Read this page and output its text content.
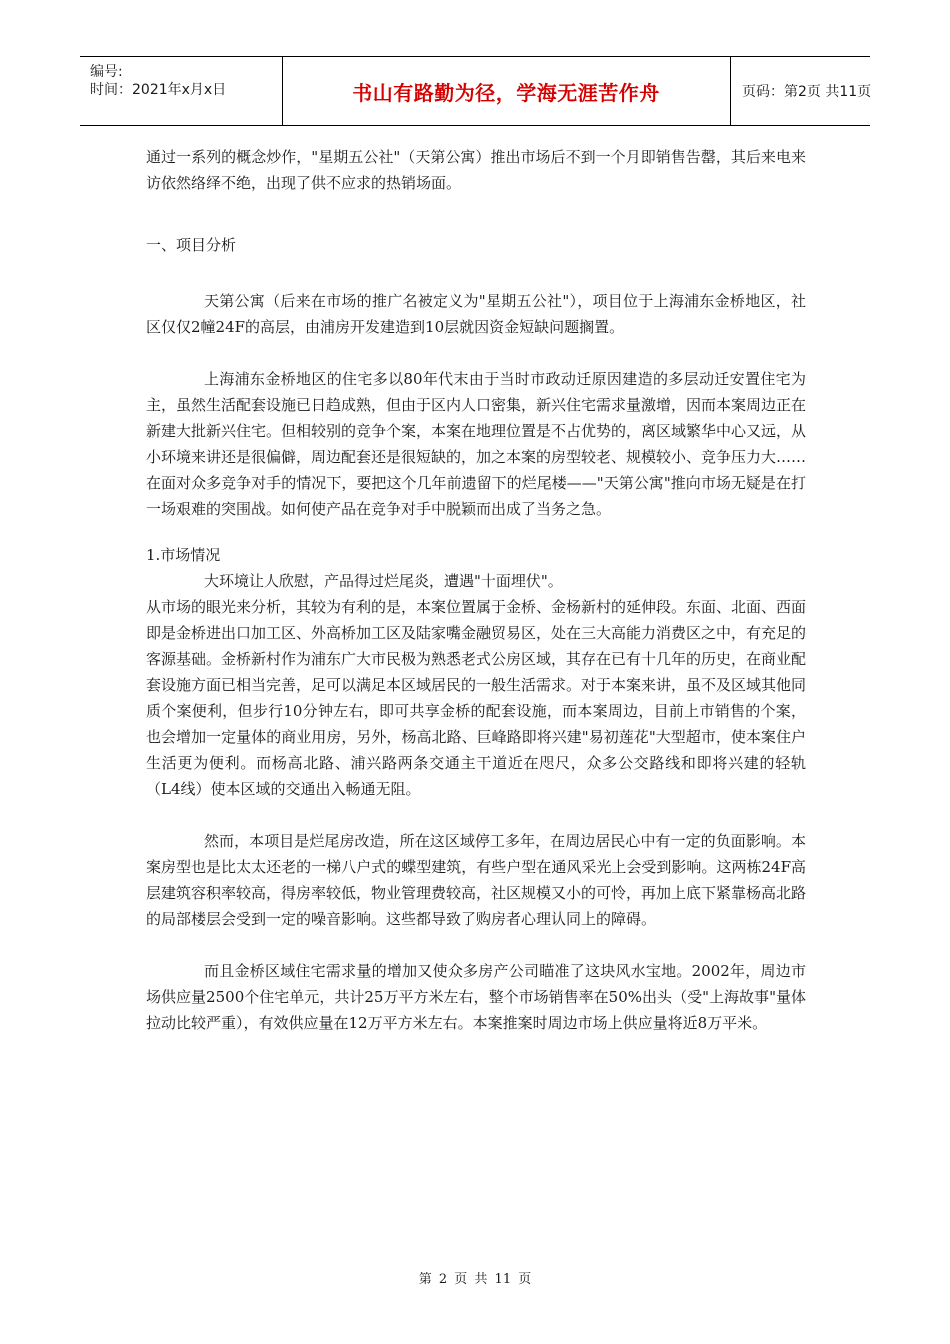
编号:
时间：2021年x月x日	书山有路勤为径，学海无涯苦作舟	页码：第2页 共11页

通过一系列的概念炒作，"星期五公社"（天第公寓）推出市场后不到一个月即销售告罄，其后来电来访依然络绎不绝，出现了供不应求的热销场面。

一、项目分析

天第公寓（后来在市场的推广名被定义为"星期五公社"），项目位于上海浦东金桥地区，社区仅仅2幢24F的高层，由浦房开发建造到10层就因资金短缺问题搁置。

上海浦东金桥地区的住宅多以80年代末由于当时市政动迁原因建造的多层动迁安置住宅为主，虽然生活配套设施已日趋成熟，但由于区内人口密集，新兴住宅需求量激增，因而本案周边正在新建大批新兴住宅。但相较别的竞争个案，本案在地理位置是不占优势的，离区域繁华中心又远，从小环境来讲还是很偏僻，周边配套还是很短缺的，加之本案的房型较老、规模较小、竞争压力大……在面对众多竞争对手的情况下，要把这个几年前遗留下的烂尾楼——"天第公寓"推向市场无疑是在打一场艰难的突围战。如何使产品在竞争对手中脱颖而出成了当务之急。

1.市场情况

大环境让人欣慰，产品得过烂尾炎，遭遇"十面埋伏"。

从市场的眼光来分析，其较为有利的是，本案位置属于金桥、金杨新村的延伸段。东面、北面、西面即是金桥进出口加工区、外高桥加工区及陆家嘴金融贸易区，处在三大高能力消费区之中，有充足的客源基础。金桥新村作为浦东广大市民极为熟悉老式公房区域，其存在已有十几年的历史，在商业配套设施方面已相当完善，足可以满足本区域居民的一般生活需求。对于本案来讲，虽不及区域其他同质个案便利，但步行10分钟左右，即可共享金桥的配套设施，而本案周边，目前上市销售的个案，也会增加一定量体的商业用房，另外，杨高北路、巨峰路即将兴建"易初莲花"大型超市，使本案住户生活更为便利。而杨高北路、浦兴路两条交通主干道近在咫尺，众多公交路线和即将兴建的轻轨（L4线）使本区域的交通出入畅通无阻。

然而，本项目是烂尾房改造，所在这区域停工多年，在周边居民心中有一定的负面影响。本案房型也是比太太还老的一梯八户式的蝶型建筑，有些户型在通风采光上会受到影响。这两栋24F高层建筑容积率较高，得房率较低，物业管理费较高，社区规模又小的可怜，再加上底下紧靠杨高北路的局部楼层会受到一定的噪音影响。这些都导致了购房者心理认同上的障碍。

而且金桥区域住宅需求量的增加又使众多房产公司瞄准了这块风水宝地。2002年，周边市场供应量2500个住宅单元，共计25万平方米左右，整个市场销售率在50%出头（受"上海故事"量体拉动比较严重），有效供应量在12万平方米左右。本案推案时周边市场上供应量将近8万平米。

第 2 页 共 11 页
